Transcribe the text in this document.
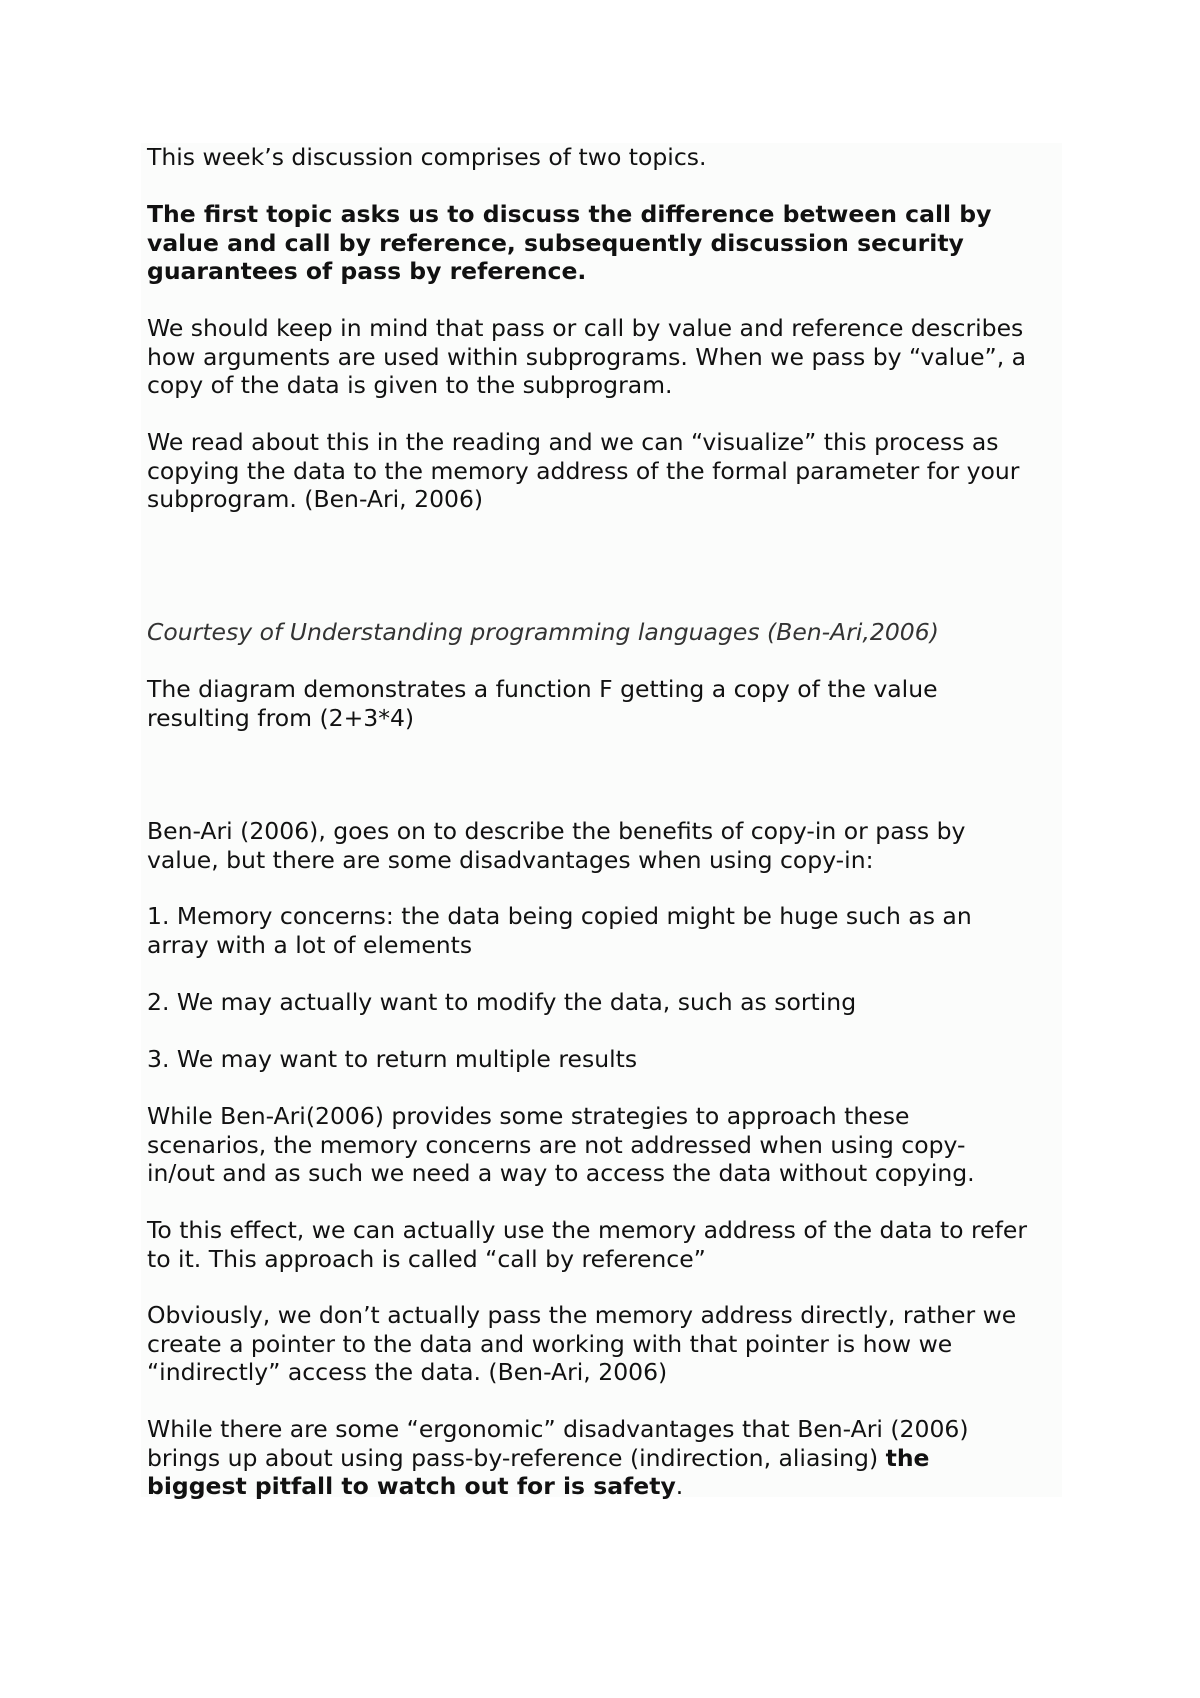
This week’s discussion comprises of two topics.

The first topic asks us to discuss the difference between call by
value and call by reference, subsequently discussion security
guarantees of pass by reference.

We should keep in mind that pass or call by value and reference describes
how arguments are used within subprograms. When we pass by “value”, a
copy of the data is given to the subprogram.

We read about this in the reading and we can “visualize” this process as
copying the data to the memory address of the formal parameter for your
subprogram. (Ben-Ari, 2006)

Courtesy of Understanding programming languages (Ben-Ari,2006)

The diagram demonstrates a function F getting a copy of the value
resulting from (2+3*4)

Ben-Ari (2006), goes on to describe the benefits of copy-in or pass by
value, but there are some disadvantages when using copy-in:

1. Memory concerns: the data being copied might be huge such as an
array with a lot of elements

2. We may actually want to modify the data, such as sorting

3. We may want to return multiple results

While Ben-Ari(2006) provides some strategies to approach these
scenarios, the memory concerns are not addressed when using copy-
in/out and as such we need a way to access the data without copying.

To this effect, we can actually use the memory address of the data to refer
to it. This approach is called “call by reference”

Obviously, we don’t actually pass the memory address directly, rather we
create a pointer to the data and working with that pointer is how we
“indirectly” access the data. (Ben-Ari, 2006)

While there are some “ergonomic” disadvantages that Ben-Ari (2006)
brings up about using pass-by-reference (indirection, aliasing) the
biggest pitfall to watch out for is safety.
